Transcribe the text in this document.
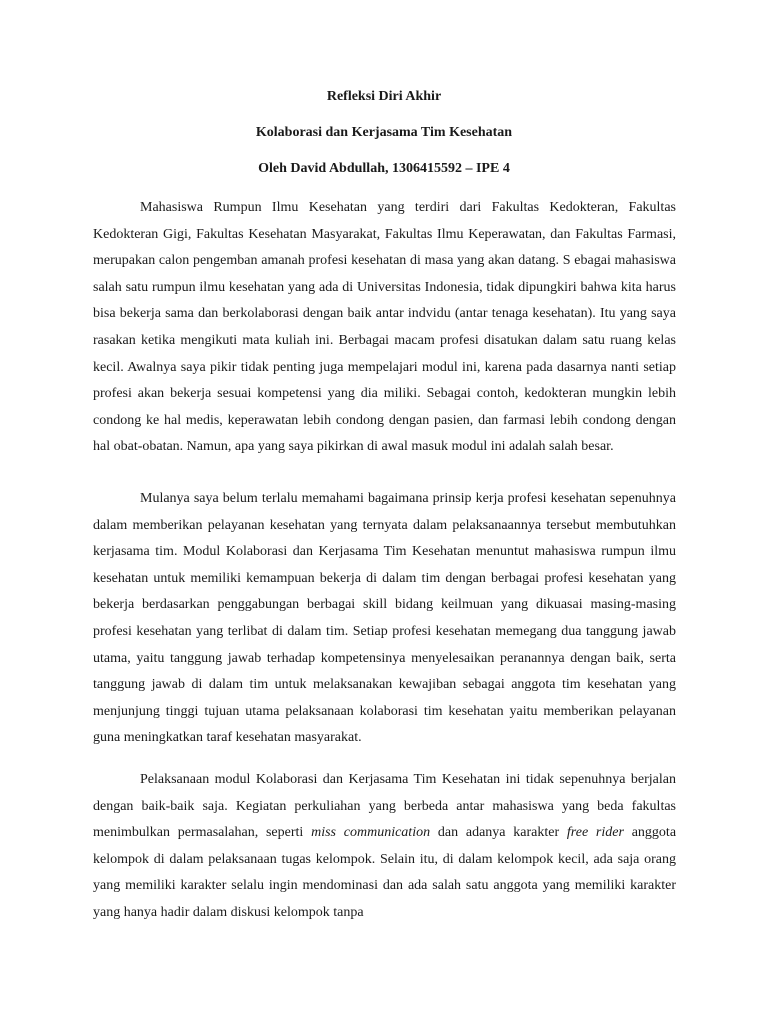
Refleksi Diri Akhir

Kolaborasi dan Kerjasama Tim Kesehatan

Oleh David Abdullah, 1306415592 – IPE 4

Mahasiswa Rumpun Ilmu Kesehatan yang terdiri dari Fakultas Kedokteran, Fakultas Kedokteran Gigi, Fakultas Kesehatan Masyarakat, Fakultas Ilmu Keperawatan, dan Fakultas Farmasi, merupakan calon pengemban amanah profesi kesehatan di masa yang akan datang. S ebagai mahasiswa salah satu rumpun ilmu kesehatan yang ada di Universitas Indonesia, tidak dipungkiri bahwa kita harus bisa bekerja sama dan berkolaborasi dengan baik antar indvidu (antar tenaga kesehatan). Itu yang saya rasakan ketika mengikuti mata kuliah ini. Berbagai macam profesi disatukan dalam satu ruang kelas kecil. Awalnya saya pikir tidak penting juga mempelajari modul ini, karena pada dasarnya nanti setiap profesi akan bekerja sesuai kompetensi yang dia miliki. Sebagai contoh, kedokteran mungkin lebih condong ke hal medis, keperawatan lebih condong dengan pasien, dan farmasi lebih condong dengan hal obat-obatan. Namun, apa yang saya pikirkan di awal masuk modul ini adalah salah besar.

Mulanya saya belum terlalu memahami bagaimana prinsip kerja profesi kesehatan sepenuhnya dalam memberikan pelayanan kesehatan yang ternyata dalam pelaksanaannya tersebut membutuhkan kerjasama tim. Modul Kolaborasi dan Kerjasama Tim Kesehatan menuntut mahasiswa rumpun ilmu kesehatan untuk memiliki kemampuan bekerja di dalam tim dengan berbagai profesi kesehatan yang bekerja berdasarkan penggabungan berbagai skill bidang keilmuan yang dikuasai masing-masing profesi kesehatan yang terlibat di dalam tim. Setiap profesi kesehatan memegang dua tanggung jawab utama, yaitu tanggung jawab terhadap kompetensinya menyelesaikan peranannya dengan baik, serta tanggung jawab di dalam tim untuk melaksanakan kewajiban sebagai anggota tim kesehatan yang menjunjung tinggi tujuan utama pelaksanaan kolaborasi tim kesehatan yaitu memberikan pelayanan guna meningkatkan taraf kesehatan masyarakat.

Pelaksanaan modul Kolaborasi dan Kerjasama Tim Kesehatan ini tidak sepenuhnya berjalan dengan baik-baik saja. Kegiatan perkuliahan yang berbeda antar mahasiswa yang beda fakultas menimbulkan permasalahan, seperti miss communication dan adanya karakter free rider anggota kelompok di dalam pelaksanaan tugas kelompok. Selain itu, di dalam kelompok kecil, ada saja orang yang memiliki karakter selalu ingin mendominasi dan ada salah satu anggota yang memiliki karakter yang hanya hadir dalam diskusi kelompok tanpa
